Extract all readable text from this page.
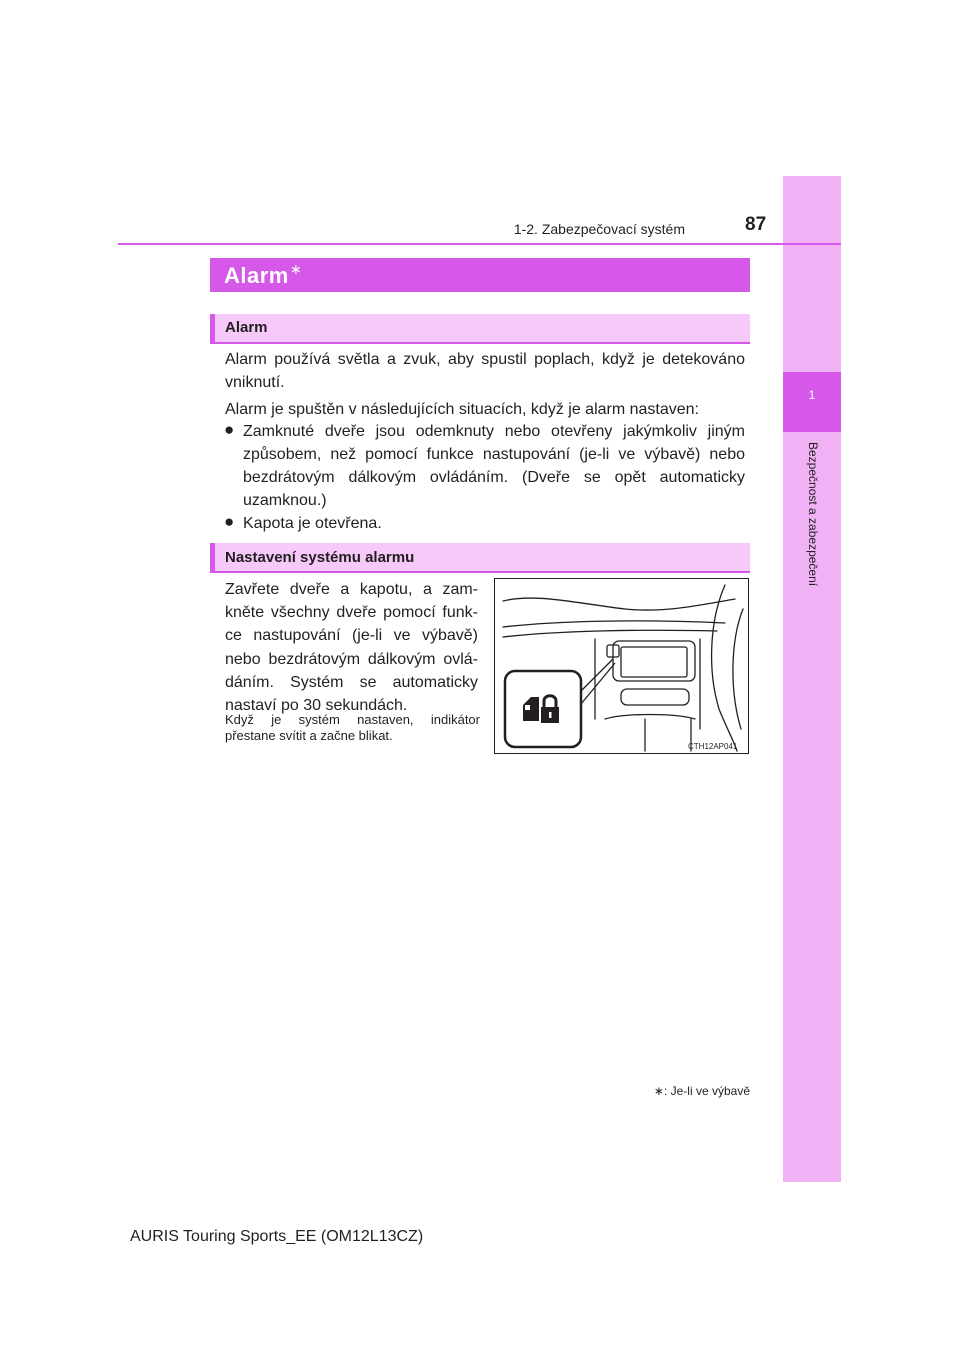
1
Bezpečnost a zabezpečení
1-2. Zabezpečovací systém	87
Alarm ∗
Alarm
Alarm používá světla a zvuk, aby spustil poplach, když je detekováno
vniknutí.
Alarm je spuštěn v následujících situacích, když je alarm nastaven:
● Zamknuté dveře jsou odemknuty nebo otevřeny jakýmkoliv jiným
způsobem, než pomocí funkce nastupování (je-li ve výbavě) nebo
bezdrátovým dálkovým ovládáním. (Dveře se opět automaticky
uzamknou.)
● Kapota je otevřena.
Nastavení systému alarmu
Zavřete dveře a kapotu, a zam-
kněte všechny dveře pomocí funk-
ce nastupování (je-li ve výbavě)
nebo bezdrátovým dálkovým ovlá-
dáním. Systém se automaticky
nastaví po 30 sekundách.
Když je systém nastaven, indikátor
přestane svítit a začne blikat.
CTH12AP041
∗: Je-li ve výbavě
AURIS Touring Sports_EE (OM12L13CZ)
